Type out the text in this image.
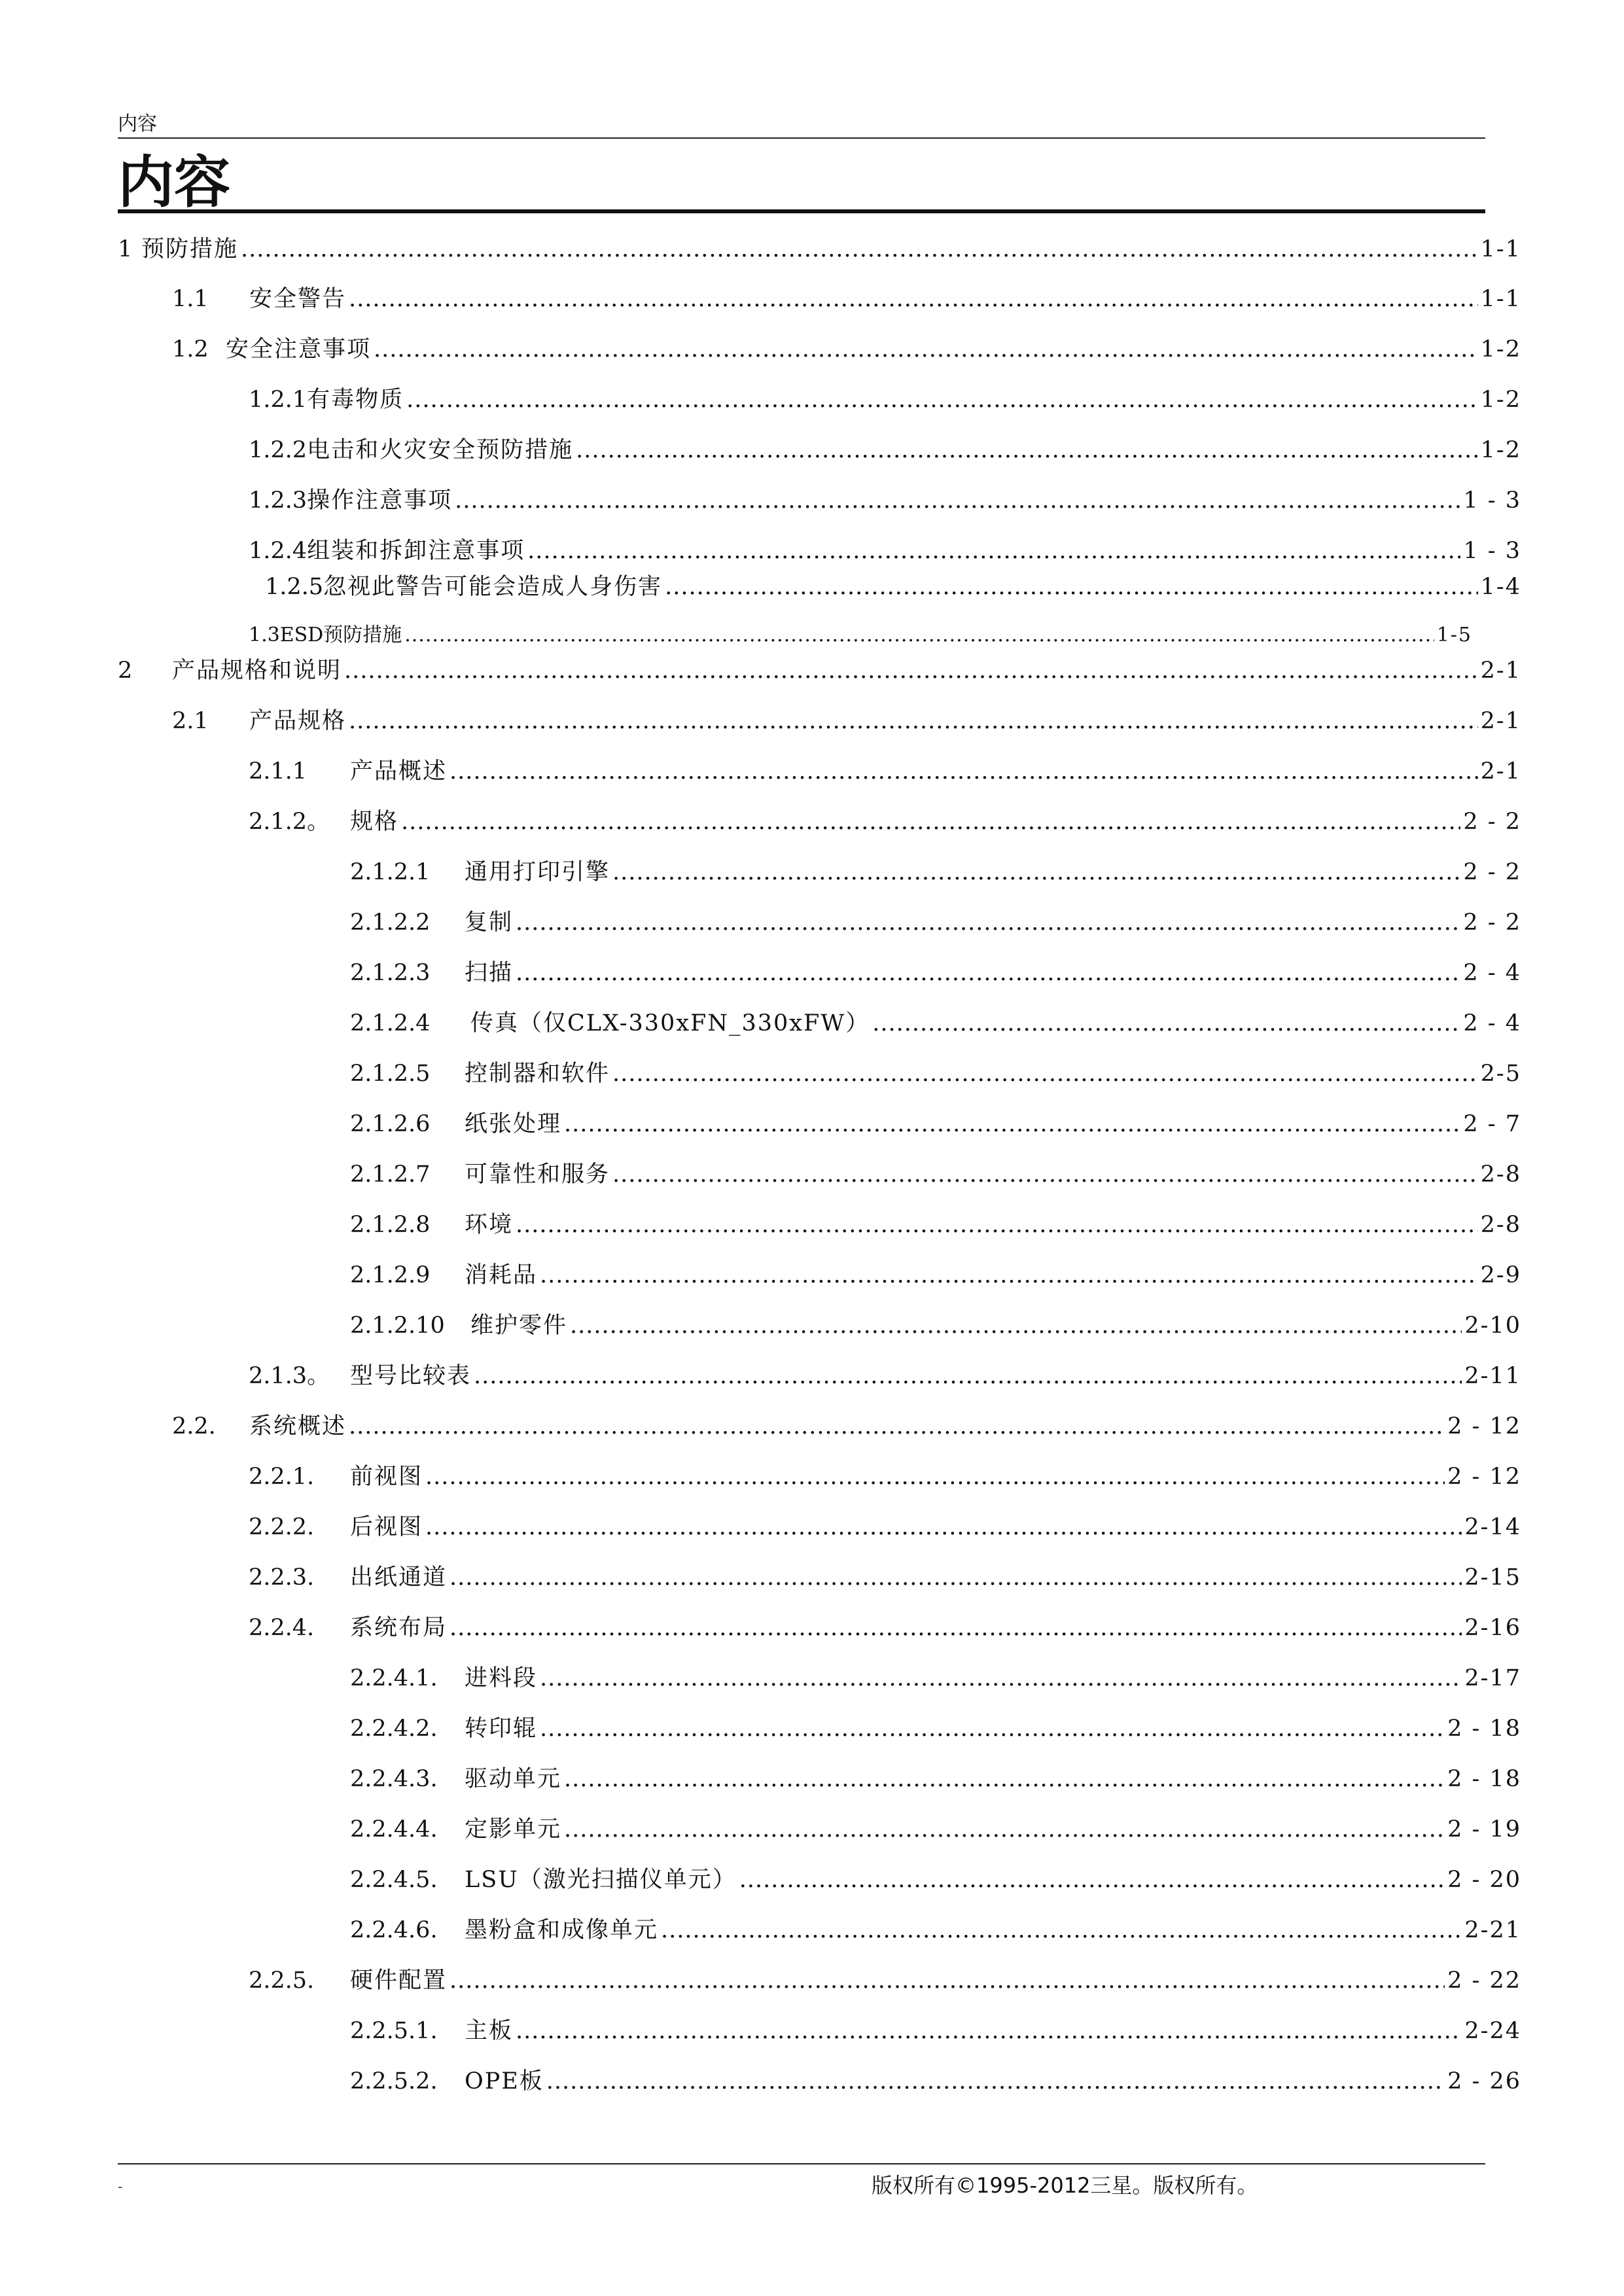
内容
内容
1 预防措施 .....	1-1
1.1	安全警告 .....	1-1
1.2 安全注意事项 .....	1-2
1.2.1 有毒物质 .....	1-2
1.2.2 电击和火灾安全预防措施 .....	1-2
1.2.3 操作注意事项 .....	1 - 3
1.2.4 组装和拆卸注意事项 .....	1 - 3
1.2.5 忽视此警告可能会造成人身伤害 .....	1-4
1.3 ESD预防措施 .....	1-5
2	产品规格和说明 .....	2-1
2.1	产品规格 .....	2-1
2.1.1	产品概述 .....	2-1
2.1.2。 规格 .....	2 - 2
2.1.2.1	通用打印引擎 .....	2 - 2
2.1.2.2	复制 .....	2 - 2
2.1.2.3	扫描 .....	2 - 4
2.1.2.4	传真（仅CLX-330xFN_330xFW） .....	2 - 4
2.1.2.5	控制器和软件 .....	2-5
2.1.2.6	纸张处理 .....	2 - 7
2.1.2.7	可靠性和服务 .....	2-8
2.1.2.8	环境 .....	2-8
2.1.2.9	消耗品 .....	2-9
2.1.2.10	维护零件 .....	2-10
2.1.3。 型号比较表 .....	2-11
2.2.	系统概述 .....	2 - 12
2.2.1.	前视图 .....	2 - 12
2.2.2.	后视图 .....	2-14
2.2.3.	出纸通道 .....	2-15
2.2.4.	系统布局 .....	2-16
2.2.4.1.	进料段 .....	2-17
2.2.4.2.	转印辊 .....	2 - 18
2.2.4.3.	驱动单元 .....	2 - 18
2.2.4.4.	定影单元 .....	2 - 19
2.2.4.5.	LSU（激光扫描仪单元） .....	2 - 20
2.2.4.6.	墨粉盒和成像单元 .....	2-21
2.2.5.	硬件配置 .....	2 - 22
2.2.5.1.	主板 .....	2-24
2.2.5.2.	OPE板 .....	2 - 26
-	版权所有©1995-2012三星。版权所有。
